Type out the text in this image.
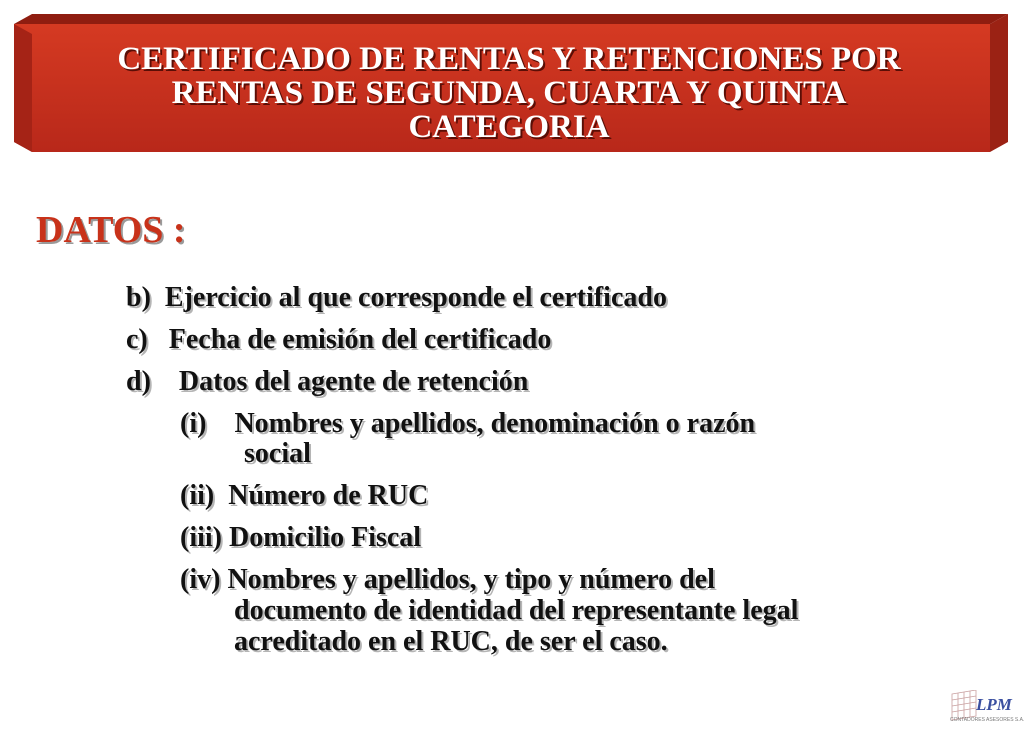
CERTIFICADO DE RENTAS Y RETENCIONES POR
RENTAS DE SEGUNDA, CUARTA Y QUINTA
CATEGORIA
DATOS :
b) Ejercicio al que corresponde el certificado
c) Fecha de emisión del certificado
d) Datos del agente de retención
(i) Nombres y apellidos, denominación o razón
social
(ii) Número de RUC
(iii) Domicilio Fiscal
(iv) Nombres y apellidos, y tipo y número del
documento de identidad del representante legal
acreditado en el RUC, de ser el caso.
LPM
CONTADORES ASESORES S.A.
